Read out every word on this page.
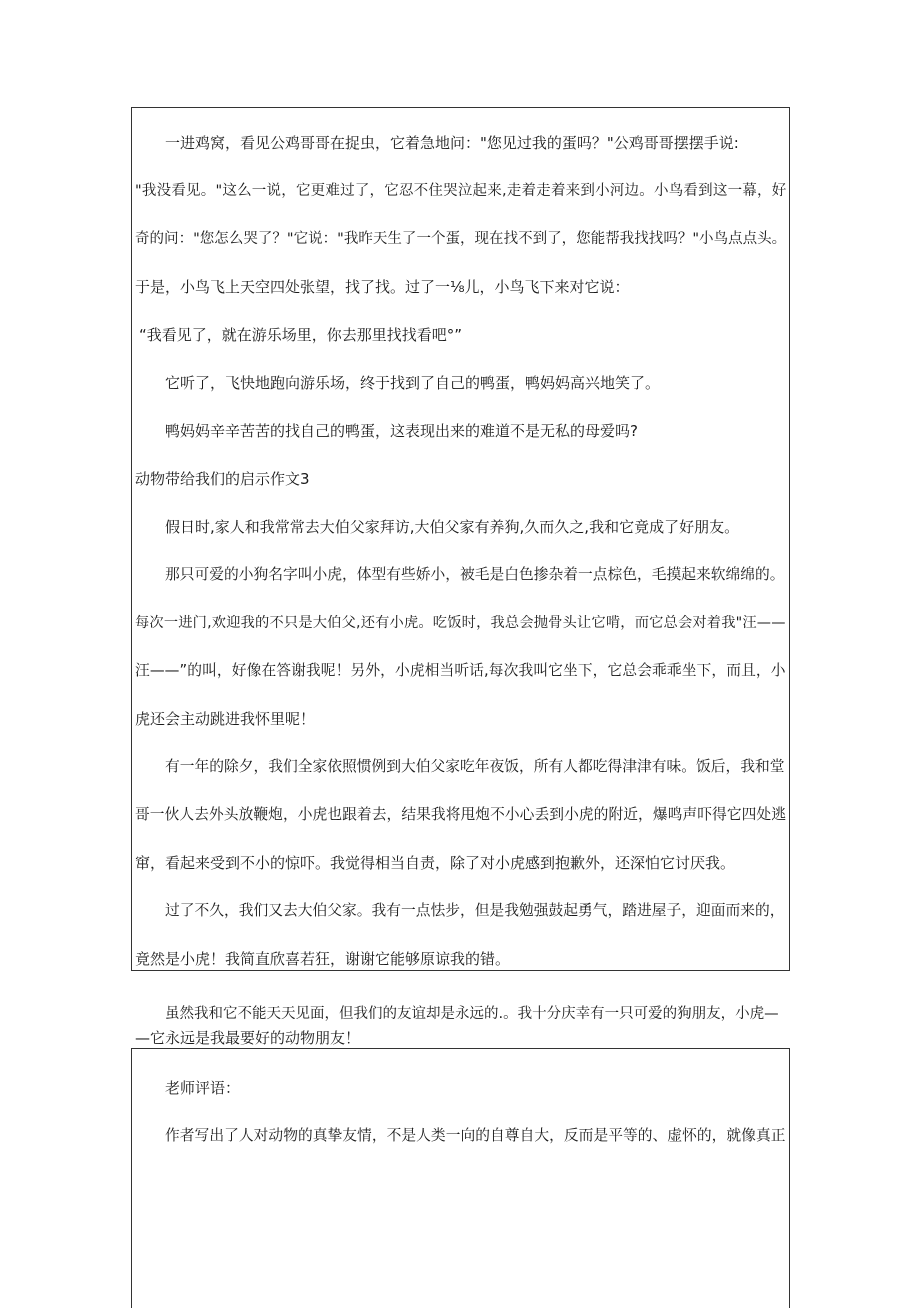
一进鸡窝，看见公鸡哥哥在捉虫，它着急地问："您见过我的蛋吗？"公鸡哥哥摆摆手说:
"我没看见。"这么一说，它更难过了，它忍不住哭泣起来,走着走着来到小河边。小鸟看到这一幕，好
奇的问："您怎么哭了？"它说："我昨天生了一个蛋，现在找不到了，您能帮我找找吗？"小鸟点点头。
于是，小鸟飞上天空四处张望，找了找。过了一⅛儿，小鸟飞下来对它说：
“我看见了，就在游乐场里，你去那里找找看吧°”
它听了，飞快地跑向游乐场，终于找到了自己的鸭蛋，鸭妈妈高兴地笑了。
鸭妈妈辛辛苦苦的找自己的鸭蛋，这表现出来的难道不是无私的母爱吗?
动物带给我们的启示作文3
假日时,家人和我常常去大伯父家拜访,大伯父家有养狗,久而久之,我和它竟成了好朋友。
那只可爱的小狗名字叫小虎，体型有些娇小，被毛是白色掺杂着一点棕色，毛摸起来软绵绵的。
每次一进门,欢迎我的不只是大伯父,还有小虎。吃饭时，我总会抛骨头让它啃，而它总会对着我"汪——
汪——”的叫，好像在答谢我呢！另外，小虎相当听话,每次我叫它坐下，它总会乖乖坐下，而且，小
虎还会主动跳进我怀里呢！
有一年的除夕，我们全家依照惯例到大伯父家吃年夜饭，所有人都吃得津津有味。饭后，我和堂
哥一伙人去外头放鞭炮，小虎也跟着去，结果我将甩炮不小心丢到小虎的附近，爆鸣声吓得它四处逃
窜，看起来受到不小的惊吓。我觉得相当自责，除了对小虎感到抱歉外，还深怕它讨厌我。
过了不久，我们又去大伯父家。我有一点怯步，但是我勉强鼓起勇气，踏进屋子，迎面而来的，
竟然是小虎！我简直欣喜若狂，谢谢它能够原谅我的错。
虽然我和它不能天天见面，但我们的友谊却是永远的.。我十分庆幸有一只可爱的狗朋友，小虎—
—它永远是我最要好的动物朋友！
老师评语：
作者写出了人对动物的真挚友情，不是人类一向的自尊自大，反而是平等的、虚怀的，就像真正
